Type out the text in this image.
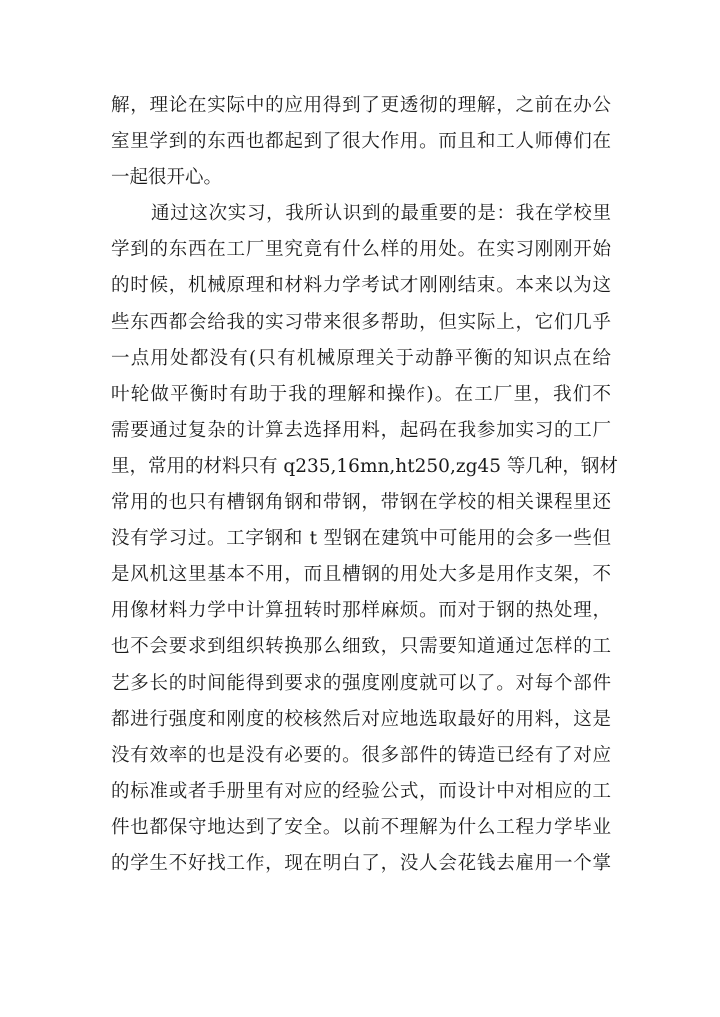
解，理论在实际中的应用得到了更透彻的理解，之前在办公
室里学到的东西也都起到了很大作用。而且和工人师傅们在
一起很开心。
通过这次实习，我所认识到的最重要的是：我在学校里
学到的东西在工厂里究竟有什么样的用处。在实习刚刚开始
的时候，机械原理和材料力学考试才刚刚结束。本来以为这
些东西都会给我的实习带来很多帮助，但实际上，它们几乎
一点用处都没有(只有机械原理关于动静平衡的知识点在给
叶轮做平衡时有助于我的理解和操作)。在工厂里，我们不
需要通过复杂的计算去选择用料，起码在我参加实习的工厂
里，常用的材料只有 q235,16mn,ht250,zg45 等几种，钢材
常用的也只有槽钢角钢和带钢，带钢在学校的相关课程里还
没有学习过。工字钢和 t 型钢在建筑中可能用的会多一些但
是风机这里基本不用，而且槽钢的用处大多是用作支架，不
用像材料力学中计算扭转时那样麻烦。而对于钢的热处理，
也不会要求到组织转换那么细致，只需要知道通过怎样的工
艺多长的时间能得到要求的强度刚度就可以了。对每个部件
都进行强度和刚度的校核然后对应地选取最好的用料，这是
没有效率的也是没有必要的。很多部件的铸造已经有了对应
的标准或者手册里有对应的经验公式，而设计中对相应的工
件也都保守地达到了安全。以前不理解为什么工程力学毕业
的学生不好找工作，现在明白了，没人会花钱去雇用一个掌
